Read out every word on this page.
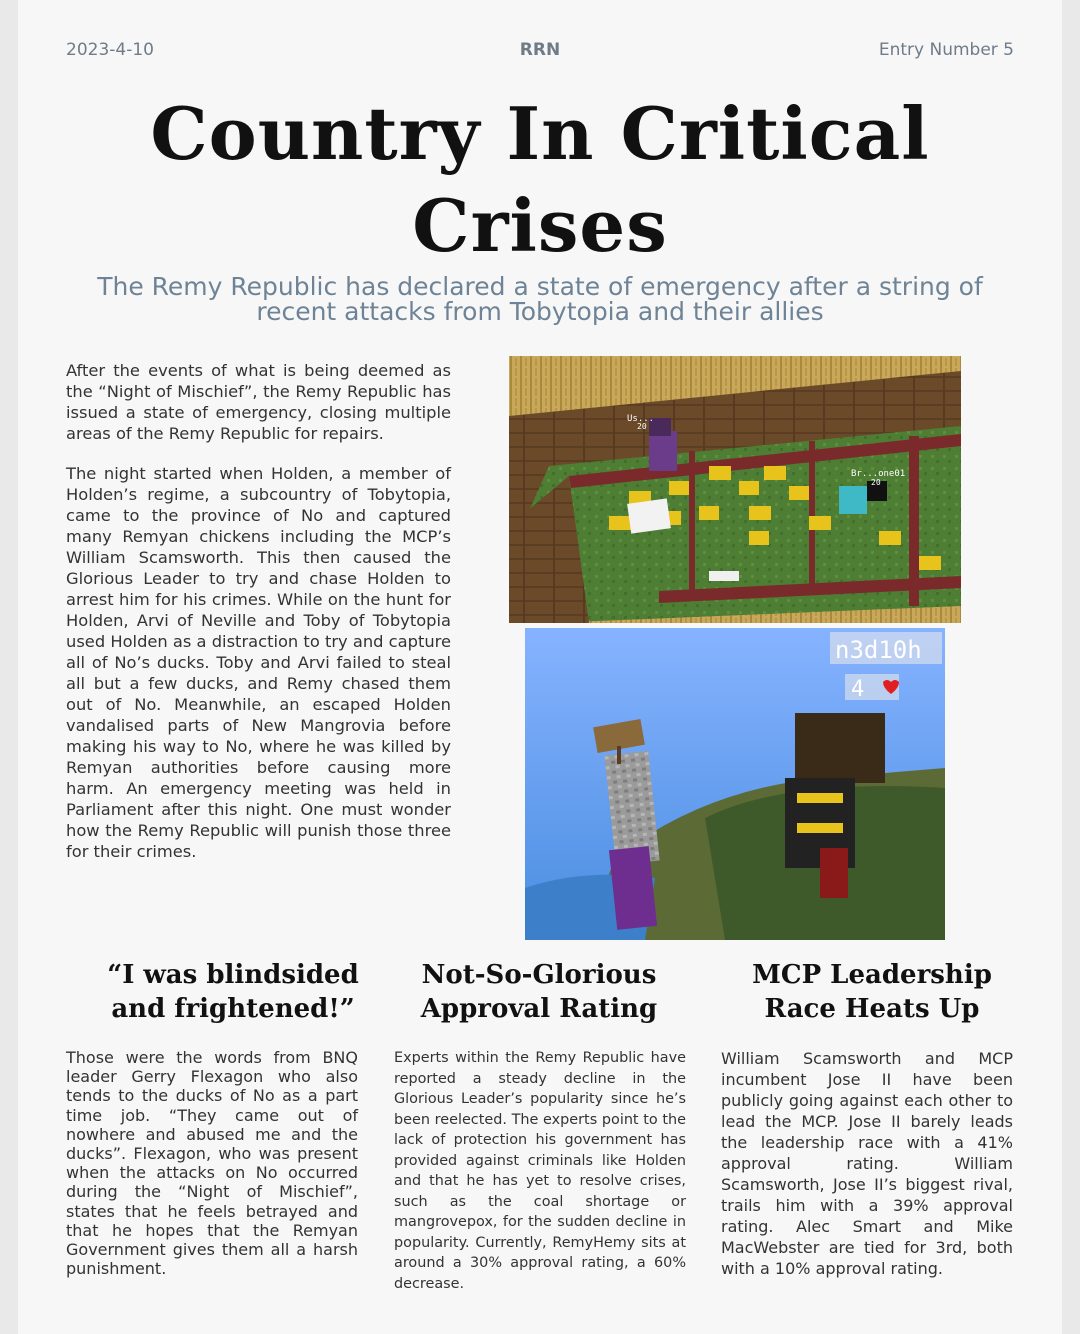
2023-4-10	RRN	Entry Number 5
Country In Critical Crises
The Remy Republic has declared a state of emergency after a string of recent attacks from Tobytopia and their allies

After the events of what is being deemed as the “Night of Mischief”, the Remy Republic has issued a state of emergency, closing multiple areas of the Remy Republic for repairs.

The night started when Holden, a member of Holden’s regime, a subcountry of Tobytopia, came to the province of No and captured many Remyan chickens including the MCP’s William Scamsworth. This then caused the Glorious Leader to try and chase Holden to arrest him for his crimes. While on the hunt for Holden, Arvi of Neville and Toby of Tobytopia used Holden as a distraction to try and capture all of No’s ducks. Toby and Arvi failed to steal all but a few ducks, and Remy chased them out of No. Meanwhile, an escaped Holden vandalised parts of New Mangrovia before making his way to No, where he was killed by Remyan authorities before causing more harm. An emergency meeting was held in Parliament after this night. One must wonder how the Remy Republic will punish those three for their crimes.

Us...
20
Br...one01
20
n3d10h
4
“I was blindsided and frightened!”
Not-So-Glorious Approval Rating
MCP Leadership Race Heats Up
Those were the words from BNQ leader Gerry Flexagon who also tends to the ducks of No as a part time job. “They came out of nowhere and abused me and the ducks”. Flexagon, who was present when the attacks on No occurred during the “Night of Mischief”, states that he feels betrayed and that he hopes that the Remyan Government gives them all a harsh punishment.
Experts within the Remy Republic have reported a steady decline in the Glorious Leader’s popularity since he’s been reelected. The experts point to the lack of protection his government has provided against criminals like Holden and that he has yet to resolve crises, such as the coal shortage or mangrovepox, for the sudden decline in popularity. Currently, RemyHemy sits at around a 30% approval rating, a 60% decrease.
William Scamsworth and MCP incumbent Jose II have been publicly going against each other to lead the MCP. Jose II barely leads the leadership race with a 41% approval rating. William Scamsworth, Jose II’s biggest rival, trails him with a 39% approval rating. Alec Smart and Mike MacWebster are tied for 3rd, both with a 10% approval rating.
